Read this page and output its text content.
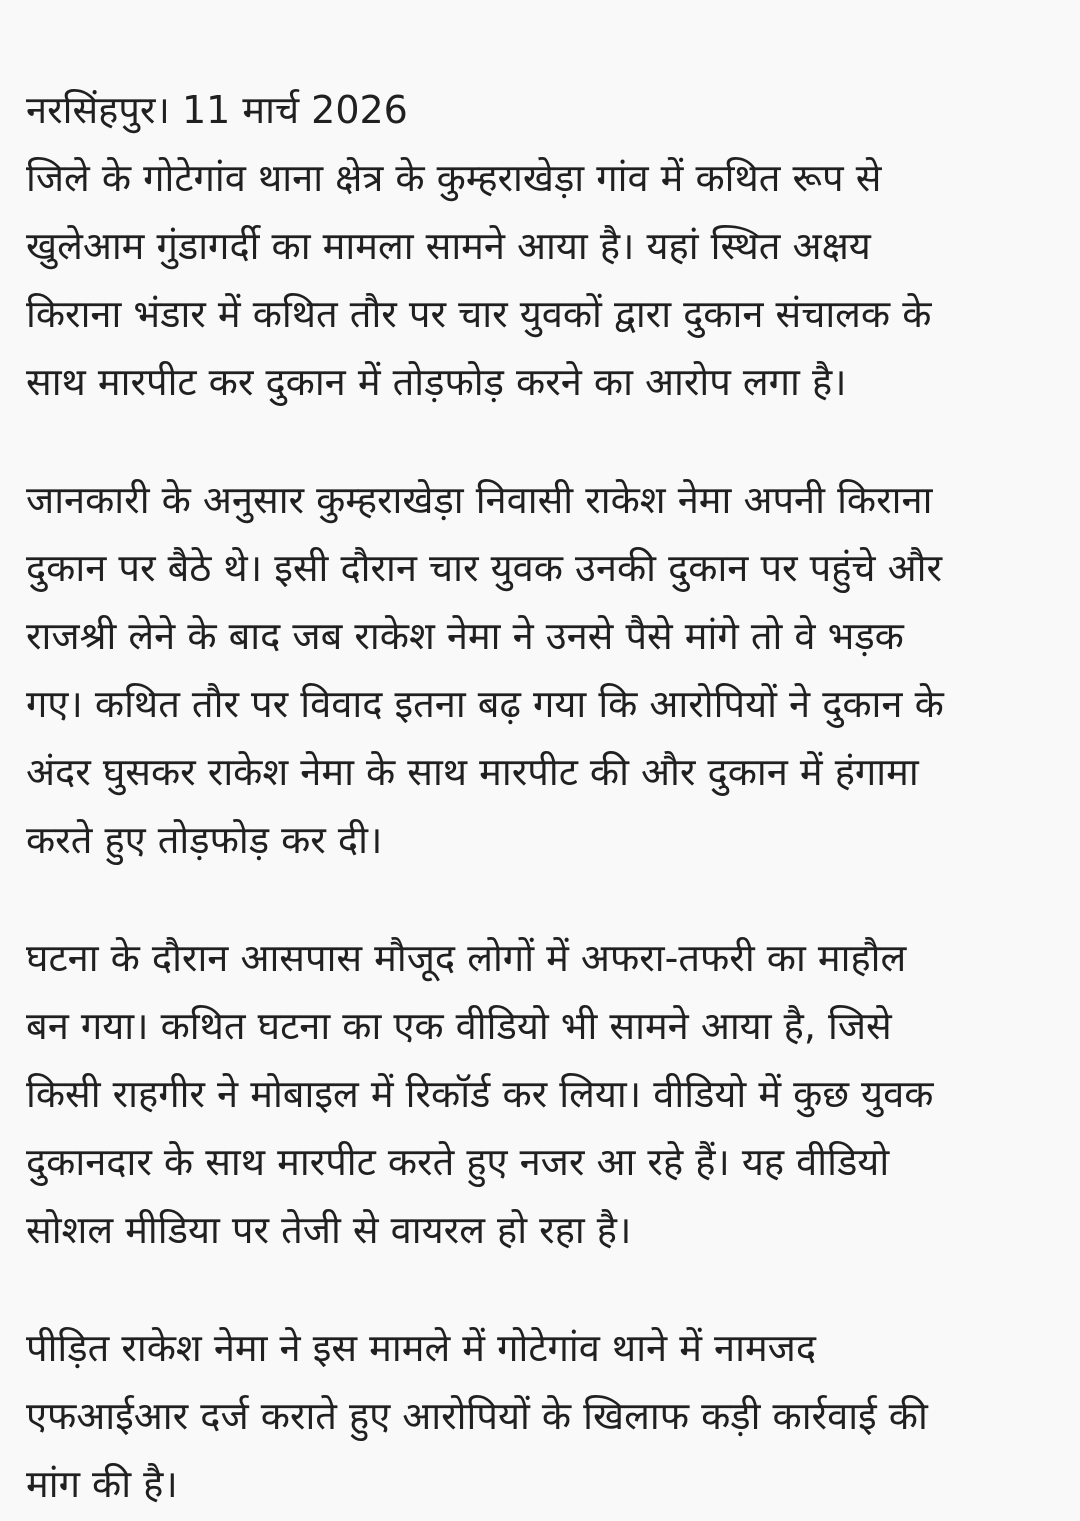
नरसिंहपुर। 11 मार्च 2026
जिले के गोटेगांव थाना क्षेत्र के कुम्हराखेड़ा गांव में कथित रूप से
खुलेआम गुंडागर्दी का मामला सामने आया है। यहां स्थित अक्षय
किराना भंडार में कथित तौर पर चार युवकों द्वारा दुकान संचालक के
साथ मारपीट कर दुकान में तोड़फोड़ करने का आरोप लगा है।

जानकारी के अनुसार कुम्हराखेड़ा निवासी राकेश नेमा अपनी किराना
दुकान पर बैठे थे। इसी दौरान चार युवक उनकी दुकान पर पहुंचे और
राजश्री लेने के बाद जब राकेश नेमा ने उनसे पैसे मांगे तो वे भड़क
गए। कथित तौर पर विवाद इतना बढ़ गया कि आरोपियों ने दुकान के
अंदर घुसकर राकेश नेमा के साथ मारपीट की और दुकान में हंगामा
करते हुए तोड़फोड़ कर दी।

घटना के दौरान आसपास मौजूद लोगों में अफरा-तफरी का माहौल
बन गया। कथित घटना का एक वीडियो भी सामने आया है, जिसे
किसी राहगीर ने मोबाइल में रिकॉर्ड कर लिया। वीडियो में कुछ युवक
दुकानदार के साथ मारपीट करते हुए नजर आ रहे हैं। यह वीडियो
सोशल मीडिया पर तेजी से वायरल हो रहा है।

पीड़ित राकेश नेमा ने इस मामले में गोटेगांव थाने में नामजद
एफआईआर दर्ज कराते हुए आरोपियों के खिलाफ कड़ी कार्रवाई की
मांग की है।
